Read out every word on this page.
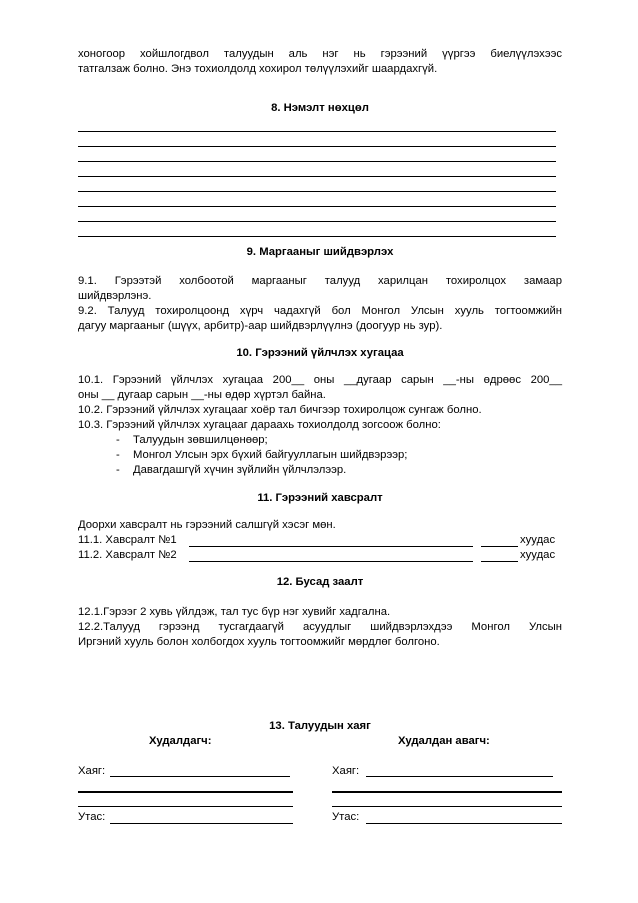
хоногоор хойшлогдвол талуудын аль нэг нь гэрээний үүргээ биелүүлэхээс
татгалзаж болно. Энэ тохиолдолд хохирол төлүүлэхийг шаардахгүй.
8. Нэмэлт нөхцөл
9. Маргааныг шийдвэрлэх
9.1. Гэрээтэй холбоотой маргааныг талууд харилцан тохиролцох замаар
шийдвэрлэнэ.
9.2. Талууд тохиролцоонд хүрч чадахгүй бол Монгол Улсын хууль тогтоомжийн
дагуу маргааныг (шүүх, арбитр)-аар шийдвэрлүүлнэ (доогуур нь зур).
10. Гэрээний үйлчлэх хугацаа
10.1. Гэрээний үйлчлэх хугацаа 200__ оны __дугаар сарын __-ны өдрөөс 200__
оны __ дугаар сарын __-ны өдөр хүртэл байна.
10.2. Гэрээний үйлчлэх хугацааг хоёр тал бичгээр тохиролцож сунгаж болно.
10.3. Гэрээний үйлчлэх хугацааг дараахь тохиолдолд зогсоож болно:
- Талуудын зөвшилцөнөөр;
- Монгол Улсын эрх бүхий байгууллагын шийдвэрээр;
- Давагдашгүй хүчин зүйлийн үйлчлэлээр.
11. Гэрээний хавсралт
Доорхи хавсралт нь гэрээний салшгүй хэсэг мөн.
11.1. Хавсралт №1	хуудас
11.2. Хавсралт №2	хуудас
12. Бусад заалт
12.1.Гэрээг 2 хувь үйлдэж, тал тус бүр нэг хувийг хадгална.
12.2.Талууд гэрээнд тусгагдаагүй асуудлыг шийдвэрлэхдээ Монгол Улсын
Иргэний хууль болон холбогдох хууль тогтоомжийг мөрдлөг болгоно.
13. Талуудын хаяг
Худалдагч:
Хаяг:
Утас:
Худалдан авагч:
Хаяг:
Утас:
